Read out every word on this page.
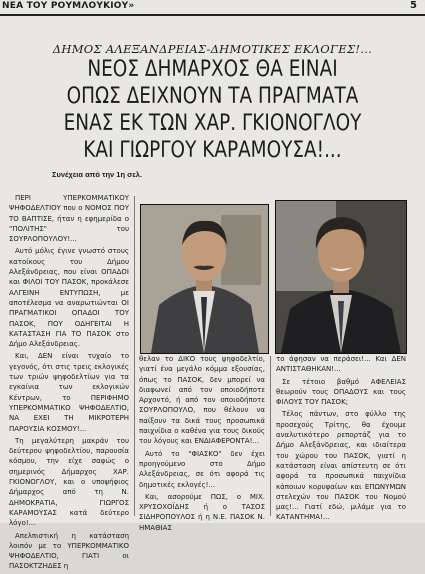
ΝΕΑ ΤΟΥ ΡΟΥΜΛΟΥΚΙΟΥ»	5
ΔΗΜΟΣ ΑΛΕΞΑΝΔΡΕΙΑΣ-ΔΗΜΟΤΙΚΕΣ ΕΚΛΟΓΕΣ!...
ΝΕΟΣ ΔΗΜΑΡΧΟΣ ΘΑ ΕΙΝΑΙ
ΟΠΩΣ ΔΕΙΧΝΟΥΝ ΤΑ ΠΡΑΓΜΑΤΑ
ΕΝΑΣ ΕΚ ΤΩΝ ΧΑΡ. ΓΚΙΟΝΟΓΛΟΥ
ΚΑΙ ΓΙΩΡΓΟΥ ΚΑΡΑΜΟΥΣΑ!...
Συνέχεια από την 1η σελ.

ΠΕΡΙ ΥΠΕΡΚΟΜΜΑΤΙΚΟΥ ΨΗΦΟΔΕΛΤΙΟΥ που ο ΝΟΜΟΣ ΠΟΥ ΤΟ ΒΑΠΤΙΣΕ, ήταν η εφημερίδα ο "ΠΟΛΙΤΗΣ" του ΣΟΥΡΛΟΠΟΥΛΟΥ!...

Αυτό μόλις έγινε γνωστό στους κατοίκους του Δήμου Αλεξάνδρειας, που είναι ΟΠΑΔΟΙ και ΦΙΛΟΙ ΤΟΥ ΠΑΣΟΚ, προκάλεσε ΑΛΓΕΙΝΗ ΕΝΤΥΠΩΣΗ, με αποτέλεσμα να αναρωτιώνται ΟΙ ΠΡΑΓΜΑΤΙΚΟΙ ΟΠΑΔΟΙ ΤΟΥ ΠΑΣΟΚ, ΠΟΥ ΟΔΗΓΕΙΤΑΙ Η ΚΑΤΑΣΤΑΣΗ ΓΙΑ ΤΟ ΠΑΣΟΚ στο Δήμο Αλεξάνδρειας.

Και, ΔΕΝ είναι τυχαίο το γεγονός, ότι στις τρεις εκλογικές των τριών ψηφοδελτίων για τα εγκαίνια των εκλογικών Κέντρων, το ΠΕΡΙΦΗΜΟ ΥΠΕΡΚΟΜΜΑΤΙΚΟ ΨΗΦΟΔΕΛΤΙΟ, ΝΑ ΕΧΕΙ ΤΗ ΜΙΚΡΟΤΕΡΗ ΠΑΡΟΥΣΙΑ ΚΟΣΜΟΥ!...

Τη μεγαλύτερη μακράν του δεύτερου ψηφοδελτίου, παρουσία κόσμου, την είχε σαφώς ο σημερινός Δήμαρχος ΧΑΡ. ΓΚΙΟΝΟΓΛΟΥ, και ο υποψήφιος Δήμαρχος από τη Ν. ΔΗΜΟΚΡΑΤΙΑ, ΓΙΩΡΓΟΣ ΚΑΡΑΜΟΥΣΑΣ κατά δεύτερο λόγο!...

Απελπιστική η κατάσταση λοιπόν με το ΥΠΕΡΚΟΜΜΑΤΙΚΟ ΨΗΦΟΔΕΛΤΙΟ, ΓΙΑΤΙ οι ΠΑΣΟΚΤΖΗΔΕΣ η

θελαν το ΔΙΚΟ τους ψηφοδελτίο, γιατί ένα μεγάλο κόμμα εξουσίας, όπως το ΠΑΣΟΚ, δεν μπορεί να διαφωνεί από τον οποιοδήποτε Αρχοντό, ή από τον οποιοδήποτε ΣΟΥΡΛΟΠΟΥΛΟ, που θέλουν να παίξουν τα δικά τους προσωπικά παιχνίδια ο καθένα για τους δικούς του λόγους και ΕΝΔΙΑΦΕΡΟΝΤΑ!...

Αυτό το "ΦΙΑΣΚΟ" δεν έχει προηγούμενο στο Δήμο Αλεξάνδρειας, σε ότι αφορά τις δημοτικές εκλογές!...

Και, ασορούμε ΠΩΣ, ο ΜΙΧ. ΧΡΥΣΟΧΟΪΔΗΣ ή ο ΤΑΣΟΣ ΣΙΔΗΡΟΠΟΥΛΟΣ ή η Ν.Ε. ΠΑΣΟΚ Ν. ΗΜΑΘΙΑΣ

το άφησαν να περάσει!... Και ΔΕΝ ΑΝΤΙΣΤΑΘΗΚΑΝ!...

Σε τέτοιο βαθμό ΑΦΕΛΕΙΑΣ θεωρούν τους ΟΠΑΔΟΥΣ και τους ΦΙΛΟΥΣ ΤΟΥ ΠΑΣΟΚ;

Τέλος πάντων, στο φύλλο της προσεχούς Τρίτης, θα έχουμε αναλυτικότερο ρεπορτάζ για το Δήμο Αλεξάνδρειας, και ιδιαίτερα του χώρου του ΠΑΣΟΚ, γιατί η κατάσταση είναι απίστευτη σε ότι αφορά τα προσωπικά παιχνίδια κάποιων κορυφαίων και ΕΠΩΝΥΜΩΝ στελεχών του ΠΑΣΟΚ του Νομού μας!... Γιατί εδώ, μιλάμε για το ΚΑΤΑΝΤΗΜΑ!...
